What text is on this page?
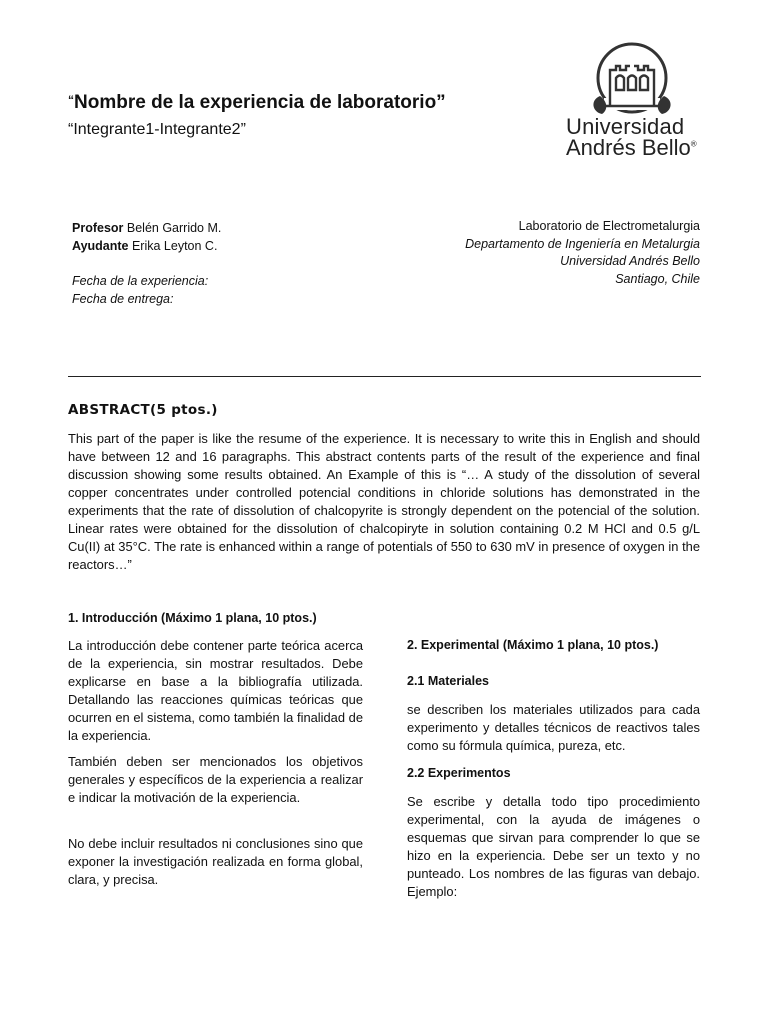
“Nombre de la experiencia de laboratorio”
“Integrante1-Integrante2”	Universidad
Andrés Bello®
Profesor Belén Garrido M.
Ayudante Erika Leyton C.
Fecha de la experiencia:
Fecha de entrega:
Laboratorio de Electrometalurgia
Departamento de Ingeniería en Metalurgia
Universidad Andrés Bello
Santiago, Chile
ABSTRACT(5 ptos.)
This part of the paper is like the resume of the experience. It is necessary to write this in English and should have between 12 and 16 paragraphs. This abstract contents parts of the result of the experience and final discussion showing some results obtained. An Example of this is “… A study of the dissolution of several copper concentrates under controlled potencial conditions in chloride solutions has demonstrated in the experiments that the rate of dissolution of chalcopyrite is strongly dependent on the potencial of the solution. Linear rates were obtained for the dissolution of chalcopiryte in solution containing 0.2 M HCl and 0.5 g/L Cu(II) at 35°C. The rate is enhanced within a range of potentials of 550 to 630 mV in presence of oxygen in the reactors…”
1. Introducción (Máximo 1 plana, 10 ptos.)
La introducción debe contener parte teórica acerca de la experiencia, sin mostrar resultados. Debe explicarse en base a la bibliografía utilizada. Detallando las reacciones químicas teóricas que ocurren en el sistema, como también la finalidad de la experiencia.
También deben ser mencionados los objetivos generales y específicos de la experiencia a realizar e indicar la motivación de la experiencia.
No debe incluir resultados ni conclusiones sino que exponer la investigación realizada en forma global, clara, y precisa.
2. Experimental (Máximo 1 plana, 10 ptos.)
2.1 Materiales
se describen los materiales utilizados para cada experimento y detalles técnicos de reactivos tales como su fórmula química, pureza, etc.
2.2 Experimentos
Se escribe y detalla todo tipo procedimiento experimental, con la ayuda de imágenes o esquemas que sirvan para comprender lo que se hizo en la experiencia. Debe ser un texto y no punteado. Los nombres de las figuras van debajo. Ejemplo:
